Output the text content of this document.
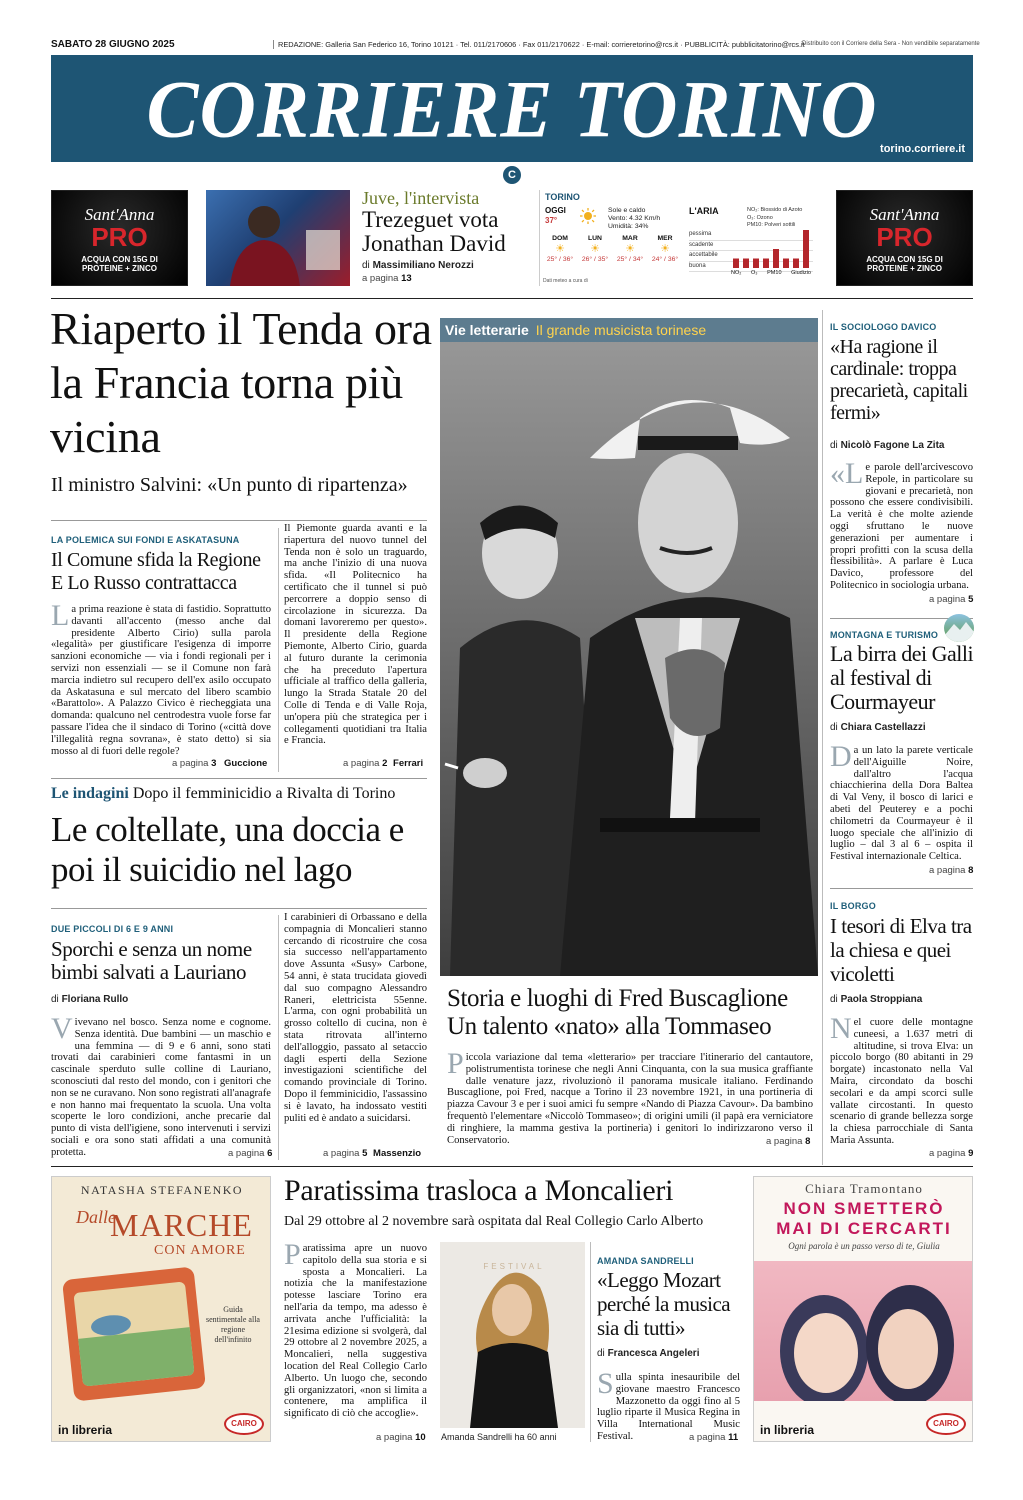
SABATO 28 GIUGNO 2025	REDAZIONE: Galleria San Federico 16, Torino 10121 · Tel. 011/2170606 · Fax 011/2170622 · E-mail: corrieretorino@rcs.it · PUBBLICITÀ: pubblicitatorino@rcs.it
Distribuito con il Corriere della Sera - Non vendibile separatamente
CORRIERE TORINO torino.corriere.it
C
Sant'Anna
PRO
ACQUA CON 15G DI PROTEINE + ZINCO
Sant'Anna
PRO
ACQUA CON 15G DI PROTEINE + ZINCO
Juve, l'intervista
Trezeguet vota Jonathan David
di Massimiliano Nerozzi
a pagina 13
TORINO
OGGI
37°
Sole e caldo
Vento: 4.32 Km/h
Umidità: 34%
DOM
☀
25° / 36°
LUN
☀
26° / 35°
MAR
☀
25° / 34°
MER
☀
24° / 36°
Dati meteo a cura di
L'ARIA	NO₂: Biossido di Azoto
O₃: Ozono
PM10: Polveri sottili
pessima
scadente
accettabile
buona
NO₂ O₃ PM10 Giudizio
Riaperto il Tenda ora la Francia torna più vicina
Il ministro Salvini: «Un punto di ripartenza»
LA POLEMICA SUI FONDI E ASKATASUNA
Il Comune sfida la Regione E Lo Russo contrattacca
La prima reazione è stata di fastidio. Soprattutto davanti all'accento (messo anche dal presidente Alberto Cirio) sulla parola «legalità» per giustificare l'esigenza di imporre sanzioni economiche — via i fondi regionali per i servizi non essenziali — se il Comune non farà marcia indietro sul recupero dell'ex asilo occupato da Askatasuna e sul mercato del libero scambio «Barattolo». A Palazzo Civico è riecheggiata una domanda: qualcuno nel centrodestra vuole forse far passare l'idea che il sindaco di Torino («città dove l'illegalità regna sovrana», è stato detto) si sia mosso al di fuori delle regole?
a pagina 3 Guccione
Il Piemonte guarda avanti e la riapertura del nuovo tunnel del Tenda non è solo un traguardo, ma anche l'inizio di una nuova sfida. «Il Politecnico ha certificato che il tunnel si può percorrere a doppio senso di circolazione in sicurezza. Da domani lavoreremo per questo». Il presidente della Regione Piemonte, Alberto Cirio, guarda al futuro durante la cerimonia che ha preceduto l'apertura ufficiale al traffico della galleria, lungo la Strada Statale 20 del Colle di Tenda e di Valle Roja, un'opera più che strategica per i collegamenti quotidiani tra Italia e Francia.
a pagina 2 Ferrari
Le indagini Dopo il femminicidio a Rivalta di Torino
Le coltellate, una doccia e poi il suicidio nel lago
DUE PICCOLI DI 6 E 9 ANNI
Sporchi e senza un nome bimbi salvati a Lauriano
di Floriana Rullo
Vivevano nel bosco. Senza nome e cognome. Senza identità. Due bambini — un maschio e una femmina — di 9 e 6 anni, sono stati trovati dai carabinieri come fantasmi in un cascinale sperduto sulle colline di Lauriano, sconosciuti dal resto del mondo, con i genitori che non se ne curavano. Non sono registrati all'anagrafe e non hanno mai frequentato la scuola. Una volta scoperte le loro condizioni, anche precarie dal punto di vista dell'igiene, sono intervenuti i servizi sociali e ora sono stati affidati a una comunità protetta.	a pagina 6
I carabinieri di Orbassano e della compagnia di Moncalieri stanno cercando di ricostruire che cosa sia successo nell'appartamento dove Assunta «Susy» Carbone, 54 anni, è stata trucidata giovedì dal suo compagno Alessandro Raneri, elettricista 55enne. L'arma, con ogni probabilità un grosso coltello di cucina, non è stata ritrovata all'interno dell'alloggio, passato al setaccio dagli esperti della Sezione investigazioni scientifiche del comando provinciale di Torino. Dopo il femminicidio, l'assassino si è lavato, ha indossato vestiti puliti ed è andato a suicidarsi.
a pagina 5 Massenzio
Vie letterarie Il grande musicista torinese
Storia e luoghi di Fred Buscaglione
Un talento «nato» alla Tommaseo
Piccola variazione dal tema «letterario» per tracciare l'itinerario del cantautore, polistrumentista torinese che negli Anni Cinquanta, con la sua musica graffiante dalle venature jazz, rivoluzionò il panorama musicale italiano. Ferdinando Buscaglione, poi Fred, nacque a Torino il 23 novembre 1921, in una portineria di piazza Cavour 3 e per i suoi amici fu sempre «Nando di Piazza Cavour». Da bambino frequentò l'elementare «Niccolò Tommaseo»; di origini umili (il papà era verniciatore di ringhiere, la mamma gestiva la portineria) i genitori lo indirizzarono verso il Conservatorio.	a pagina 8
IL SOCIOLOGO DAVICO
«Ha ragione il cardinale: troppa precarietà, capitali fermi»
di Nicolò Fagone La Zita
«Le parole dell'arcivescovo Repole, in particolare su giovani e precarietà, non possono che essere condivisibili. La verità è che molte aziende oggi sfruttano le nuove generazioni per aumentare i propri profitti con la scusa della flessibilità». A parlare è Luca Davico, professore del Politecnico in sociologia urbana.
a pagina 5
MONTAGNA E TURISMO
La birra dei Galli al festival di Courmayeur
di Chiara Castellazzi
Da un lato la parete verticale dell'Aiguille Noire, dall'altro l'acqua chiacchierina della Dora Baltea di Val Veny, il bosco di larici e abeti del Peuterey e a pochi chilometri da Courmayeur è il luogo speciale che all'inizio di luglio – dal 3 al 6 – ospita il Festival internazionale Celtica.
a pagina 8
IL BORGO
I tesori di Elva tra la chiesa e quei vicoletti
di Paola Stroppiana
Nel cuore delle montagne cuneesi, a 1.637 metri di altitudine, si trova Elva: un piccolo borgo (80 abitanti in 29 borgate) incastonato nella Val Maira, circondato da boschi secolari e da ampi scorci sulle vallate circostanti. In questo scenario di grande bellezza sorge la chiesa parrocchiale di Santa Maria Assunta.
a pagina 9
NATASHA STEFANENKO
Dalle
MARCHE
CON AMORE
Guida sentimentale alla regione dell'infinito
in libreria	CAIRO
Paratissima trasloca a Moncalieri
Dal 29 ottobre al 2 novembre sarà ospitata dal Real Collegio Carlo Alberto
Paratissima apre un nuovo capitolo della sua storia e si sposta a Moncalieri. La notizia che la manifestazione potesse lasciare Torino era nell'aria da tempo, ma adesso è arrivata anche l'ufficialità: la 21esima edizione si svolgerà, dal 29 ottobre al 2 novembre 2025, a Moncalieri, nella suggestiva location del Real Collegio Carlo Alberto. Un luogo che, secondo gli organizzatori, «non si limita a contenere, ma amplifica il significato di ciò che accoglie».
a pagina 10
FESTIVAL
Amanda Sandrelli ha 60 anni
AMANDA SANDRELLI
«Leggo Mozart perché la musica sia di tutti»
di Francesca Angeleri
Sulla spinta inesauribile del giovane maestro Francesco Mazzonetto da oggi fino al 5 luglio riparte il Musica Regina in Villa International Music Festival.	a pagina 11
Chiara Tramontano
NON SMETTERÒ MAI DI CERCARTI
Ogni parola è un passo verso di te, Giulia
in libreria	CAIRO
